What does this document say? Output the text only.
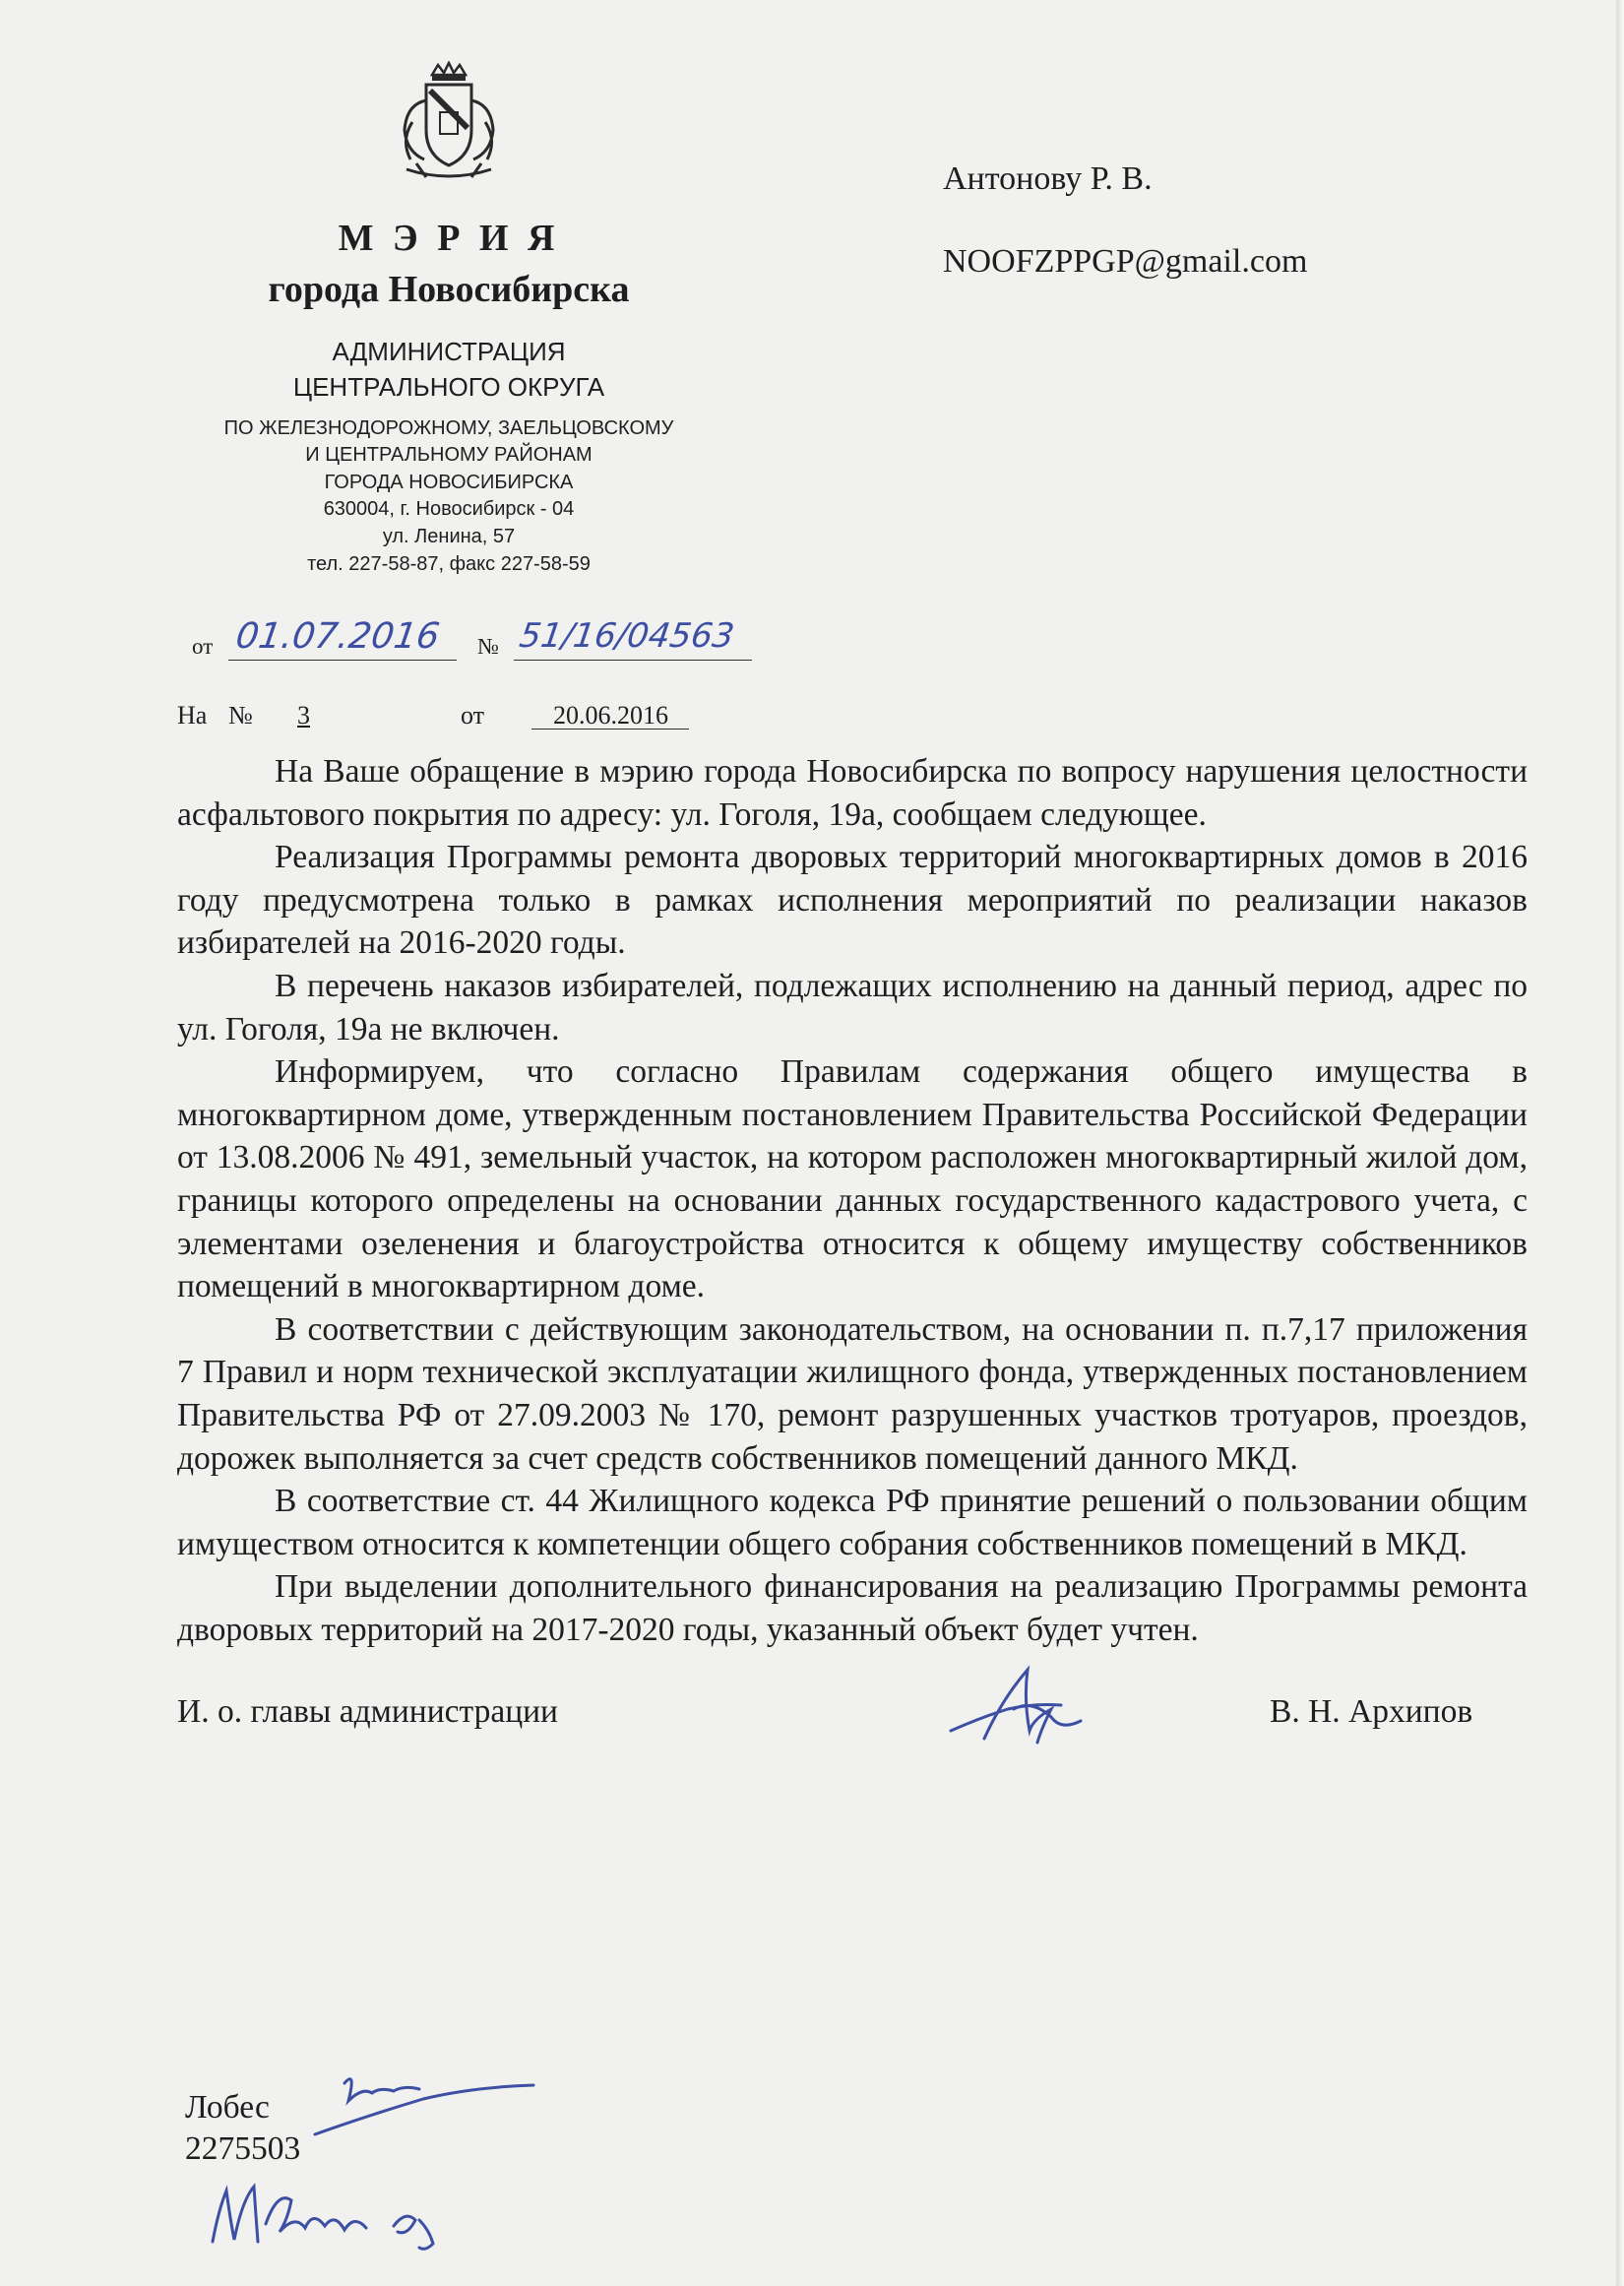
М Э Р И Я
города Новосибирска
АДМИНИСТРАЦИЯ
ЦЕНТРАЛЬНОГО ОКРУГА
ПО ЖЕЛЕЗНОДОРОЖНОМУ, ЗАЕЛЬЦОВСКОМУ
И ЦЕНТРАЛЬНОМУ РАЙОНАМ
ГОРОДА НОВОСИБИРСКА
630004, г. Новосибирск - 04
ул. Ленина, 57
тел. 227-58-87, факс 227-58-59
Антонову Р. В.
NOOFZPPGP@gmail.com
от 01.07.2016 № 51/16/04563
На № 3	от	20.06.2016

На Ваше обращение в мэрию города Новосибирска по вопросу нарушения целостности асфальтового покрытия по адресу: ул. Гоголя, 19а, сообщаем следующее.

Реализация Программы ремонта дворовых территорий многоквартирных домов в 2016 году предусмотрена только в рамках исполнения мероприятий по реализации наказов избирателей на 2016-2020 годы.

В перечень наказов избирателей, подлежащих исполнению на данный период, адрес по ул. Гоголя, 19а не включен.

Информируем, что согласно Правилам содержания общего имущества в многоквартирном доме, утвержденным постановлением Правительства Российской Федерации от 13.08.2006 № 491, земельный участок, на котором расположен многоквартирный жилой дом, границы которого определены на основании данных государственного кадастрового учета, с элементами озеленения и благоустройства относится к общему имуществу собственников помещений в многоквартирном доме.

В соответствии с действующим законодательством, на основании п. п.7,17 приложения 7 Правил и норм технической эксплуатации жилищного фонда, утвержденных постановлением Правительства РФ от 27.09.2003 № 170, ремонт разрушенных участков тротуаров, проездов, дорожек выполняется за счет средств собственников помещений данного МКД.

В соответствие ст. 44 Жилищного кодекса РФ принятие решений о пользовании общим имуществом относится к компетенции общего собрания собственников помещений в МКД.

При выделении дополнительного финансирования на реализацию Программы ремонта дворовых территорий на 2017-2020 годы, указанный объект будет учтен.

И. о. главы администрации	В. Н. Архипов
Лобес
2275503
